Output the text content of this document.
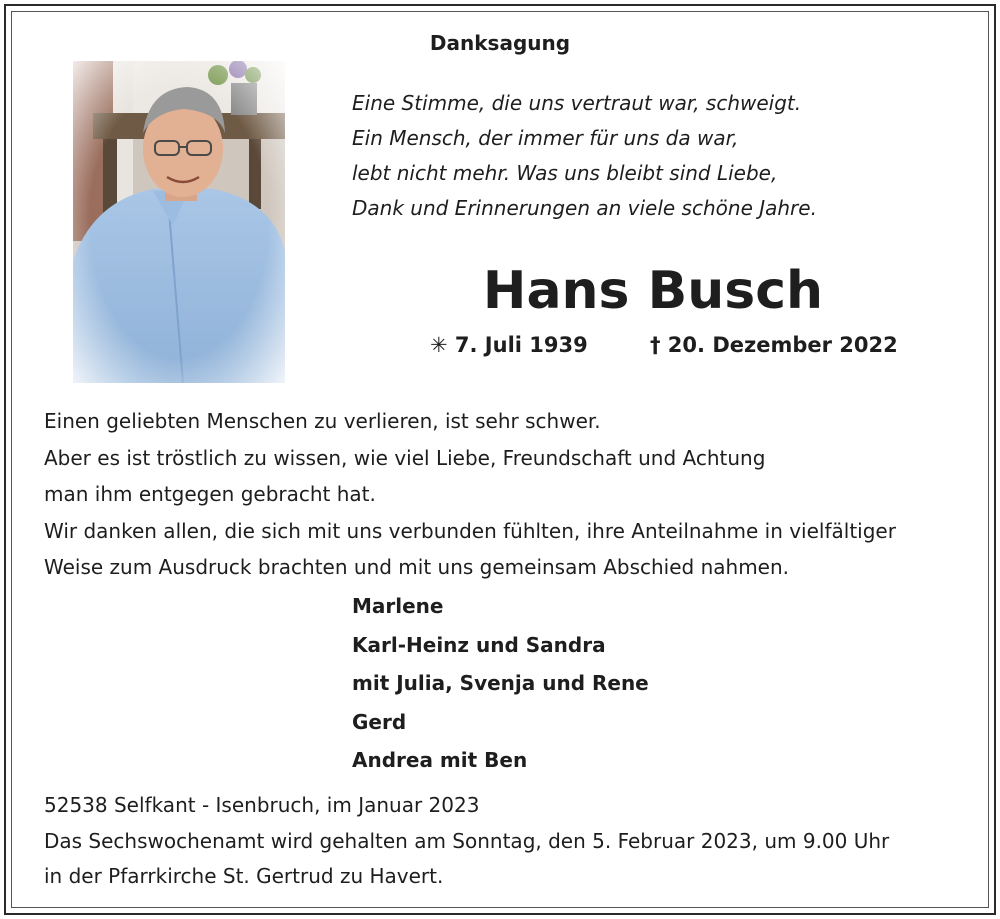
Danksagung
Eine Stimme, die uns vertraut war, schweigt.
Ein Mensch, der immer für uns da war,
lebt nicht mehr. Was uns bleibt sind Liebe,
Dank und Erinnerungen an viele schöne Jahre.
Hans Busch
✳ 7. Juli 1939	† 20. Dezember 2022
Einen geliebten Menschen zu verlieren, ist sehr schwer.
Aber es ist tröstlich zu wissen, wie viel Liebe, Freundschaft und Achtung
man ihm entgegen gebracht hat.
Wir danken allen, die sich mit uns verbunden fühlten, ihre Anteilnahme in vielfältiger
Weise zum Ausdruck brachten und mit uns gemeinsam Abschied nahmen.
Marlene
Karl-Heinz und Sandra
mit Julia, Svenja und Rene
Gerd
Andrea mit Ben
52538 Selfkant - Isenbruch, im Januar 2023
Das Sechswochenamt wird gehalten am Sonntag, den 5. Februar 2023, um 9.00 Uhr
in der Pfarrkirche St. Gertrud zu Havert.
